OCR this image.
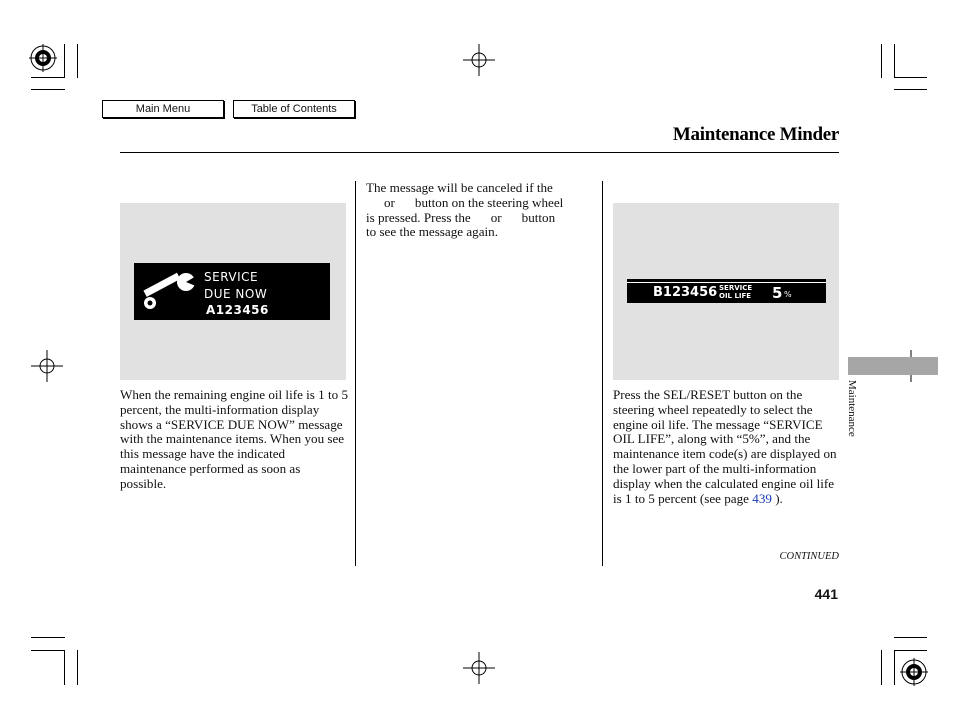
Main Menu	Table of Contents
Maintenance Minder
SERVICE
DUE NOW
A123456
When the remaining engine oil life is 1 to 5 percent, the multi-information display shows a “SERVICE DUE NOW” message with the maintenance items. When you see this message have the indicated maintenance performed as soon as possible.
The message will be canceled if the
or button on the steering wheel
is pressed. Press the or button
to see the message again.
B123456 SERVICE
OIL LIFE 5 %
Press the SEL/RESET button on the steering wheel repeatedly to select the engine oil life. The message “SERVICE OIL LIFE”, along with “5%”, and the maintenance item code(s) are displayed on the lower part of the multi-information display when the calculated engine oil life is 1 to 5 percent (see page 439 ).
CONTINUED
441
Maintenance
